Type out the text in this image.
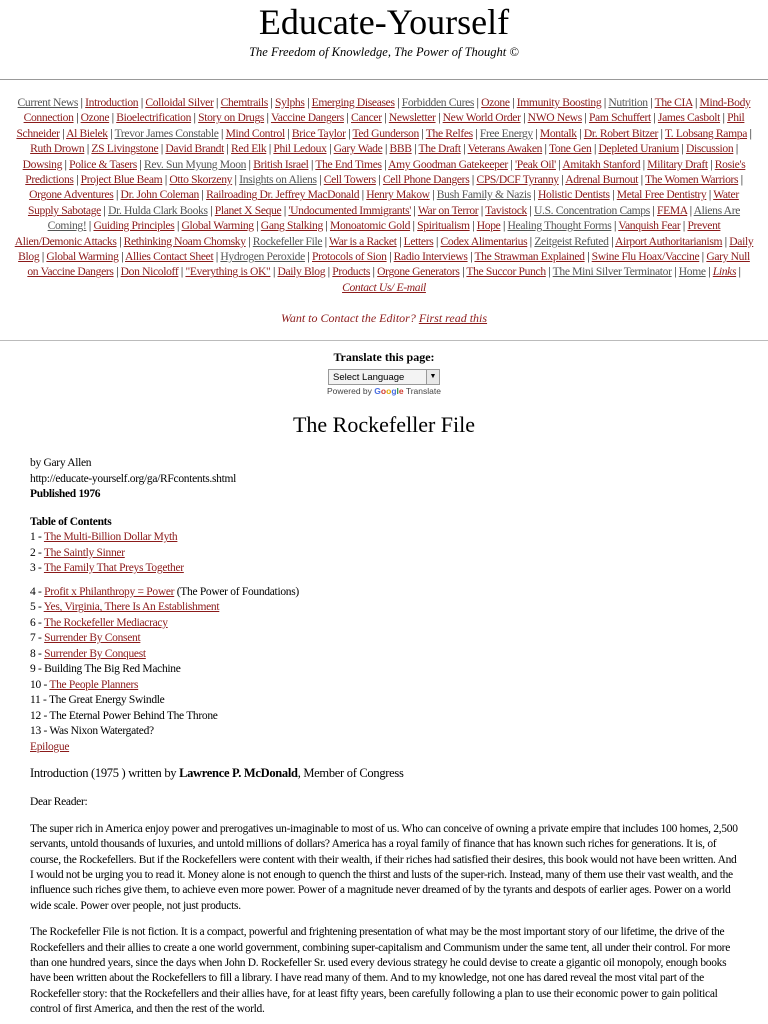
Educate-Yourself
The Freedom of Knowledge, The Power of Thought ©
Current News | Introduction | Colloidal Silver | Chemtrails | Sylphs | Emerging Diseases | Forbidden Cures | Ozone | Immunity Boosting | Nutrition | The CIA | Mind-Body Connection | Ozone | Bioelectrification | Story on Drugs | Vaccine Dangers | Cancer | Newsletter | New World Order | NWO News | Pam Schuffert | James Casbolt | Phil Schneider | Al Bielek | Trevor James Constable | Mind Control | Brice Taylor | Ted Gunderson | The Relfes | Free Energy | Montalk | Dr. Robert Bitzer | T. Lobsang Rampa | Ruth Drown | ZS Livingstone | David Brandt | Red Elk | Phil Ledoux | Gary Wade | BBB | The Draft | Veterans Awaken | Tone Gen | Depleted Uranium | Discussion | Dowsing | Police & Tasers | Rev. Sun Myung Moon | British Israel | The End Times | Amy Goodman Gatekeeper | 'Peak Oil' | Amitakh Stanford | Military Draft | Rosie's Predictions | Project Blue Beam | Otto Skorzeny | Insights on Aliens | Cell Towers | Cell Phone Dangers | CPS/DCF Tyranny | Adrenal Burnout | The Women Warriors | Orgone Adventures | Dr. John Coleman | Railroading Dr. Jeffrey MacDonald | Henry Makow | Bush Family & Nazis | Holistic Dentists | Metal Free Dentistry | Water Supply Sabotage | Dr. Hulda Clark Books | Planet X Seque | 'Undocumented Immigrants' | War on Terror | Tavistock | U.S. Concentration Camps | FEMA | Aliens Are Coming! | Guiding Principles | Global Warming | Gang Stalking | Monoatomic Gold | Spiritualism | Hope | Healing Thought Forms | Vanquish Fear | Prevent Alien/Demonic Attacks | Rethinking Noam Chomsky | Rockefeller File | War is a Racket | Letters | Codex Alimentarius | Zeitgeist Refuted | Airport Authoritarianism | Daily Blog | Global Warming | Allies Contact Sheet | Hydrogen Peroxide | Protocols of Sion | Radio Interviews | The Strawman Explained | Swine Flu Hoax/Vaccine | Gary Null on Vaccine Dangers | Don Nicoloff | "Everything is OK" | Daily Blog | Products | Orgone Generators | The Succor Punch | The Mini Silver Terminator | Home | Links | Contact Us/ E-mail
Want to Contact the Editor? First read this
Translate this page:
Select Language	▼
Powered by Google Translate
The Rockefeller File
by Gary Allen
http://educate-yourself.org/ga/RFcontents.shtml
Published 1976
Table of Contents
1 - The Multi-Billion Dollar Myth
2 - The Saintly Sinner
3 - The Family That Preys Together
4 - Profit x Philanthropy = Power (The Power of Foundations)
5 - Yes, Virginia, There Is An Establishment
6 - The Rockefeller Mediacracy
7 - Surrender By Consent
8 - Surrender By Conquest
9 - Building The Big Red Machine
10 - The People Planners
11 - The Great Energy Swindle
12 - The Eternal Power Behind The Throne
13 - Was Nixon Watergated?
Epilogue
Introduction (1975 ) written by Lawrence P. McDonald, Member of Congress
Dear Reader:

The super rich in America enjoy power and prerogatives un-imaginable to most of us. Who can conceive of owning a private empire that includes 100 homes, 2,500 servants, untold thousands of luxuries, and untold millions of dollars? America has a royal family of finance that has known such riches for generations. It is, of course, the Rockefellers. But if the Rockefellers were content with their wealth, if their riches had satisfied their desires, this book would not have been written. And I would not be urging you to read it. Money alone is not enough to quench the thirst and lusts of the super-rich. Instead, many of them use their vast wealth, and the influence such riches give them, to achieve even more power. Power of a magnitude never dreamed of by the tyrants and despots of earlier ages. Power on a world wide scale. Power over people, not just products.

The Rockefeller File is not fiction. It is a compact, powerful and frightening presentation of what may be the most important story of our lifetime, the drive of the Rockefellers and their allies to create a one world government, combining super-capitalism and Communism under the same tent, all under their control. For more than one hundred years, since the days when John D. Rockefeller Sr. used every devious strategy he could devise to create a gigantic oil monopoly, enough books have been written about the Rockefellers to fill a library. I have read many of them. And to my knowledge, not one has dared reveal the most vital part of the Rockefeller story: that the Rockefellers and their allies have, for at least fifty years, been carefully following a plan to use their economic power to gain political control of first America, and then the rest of the world.
